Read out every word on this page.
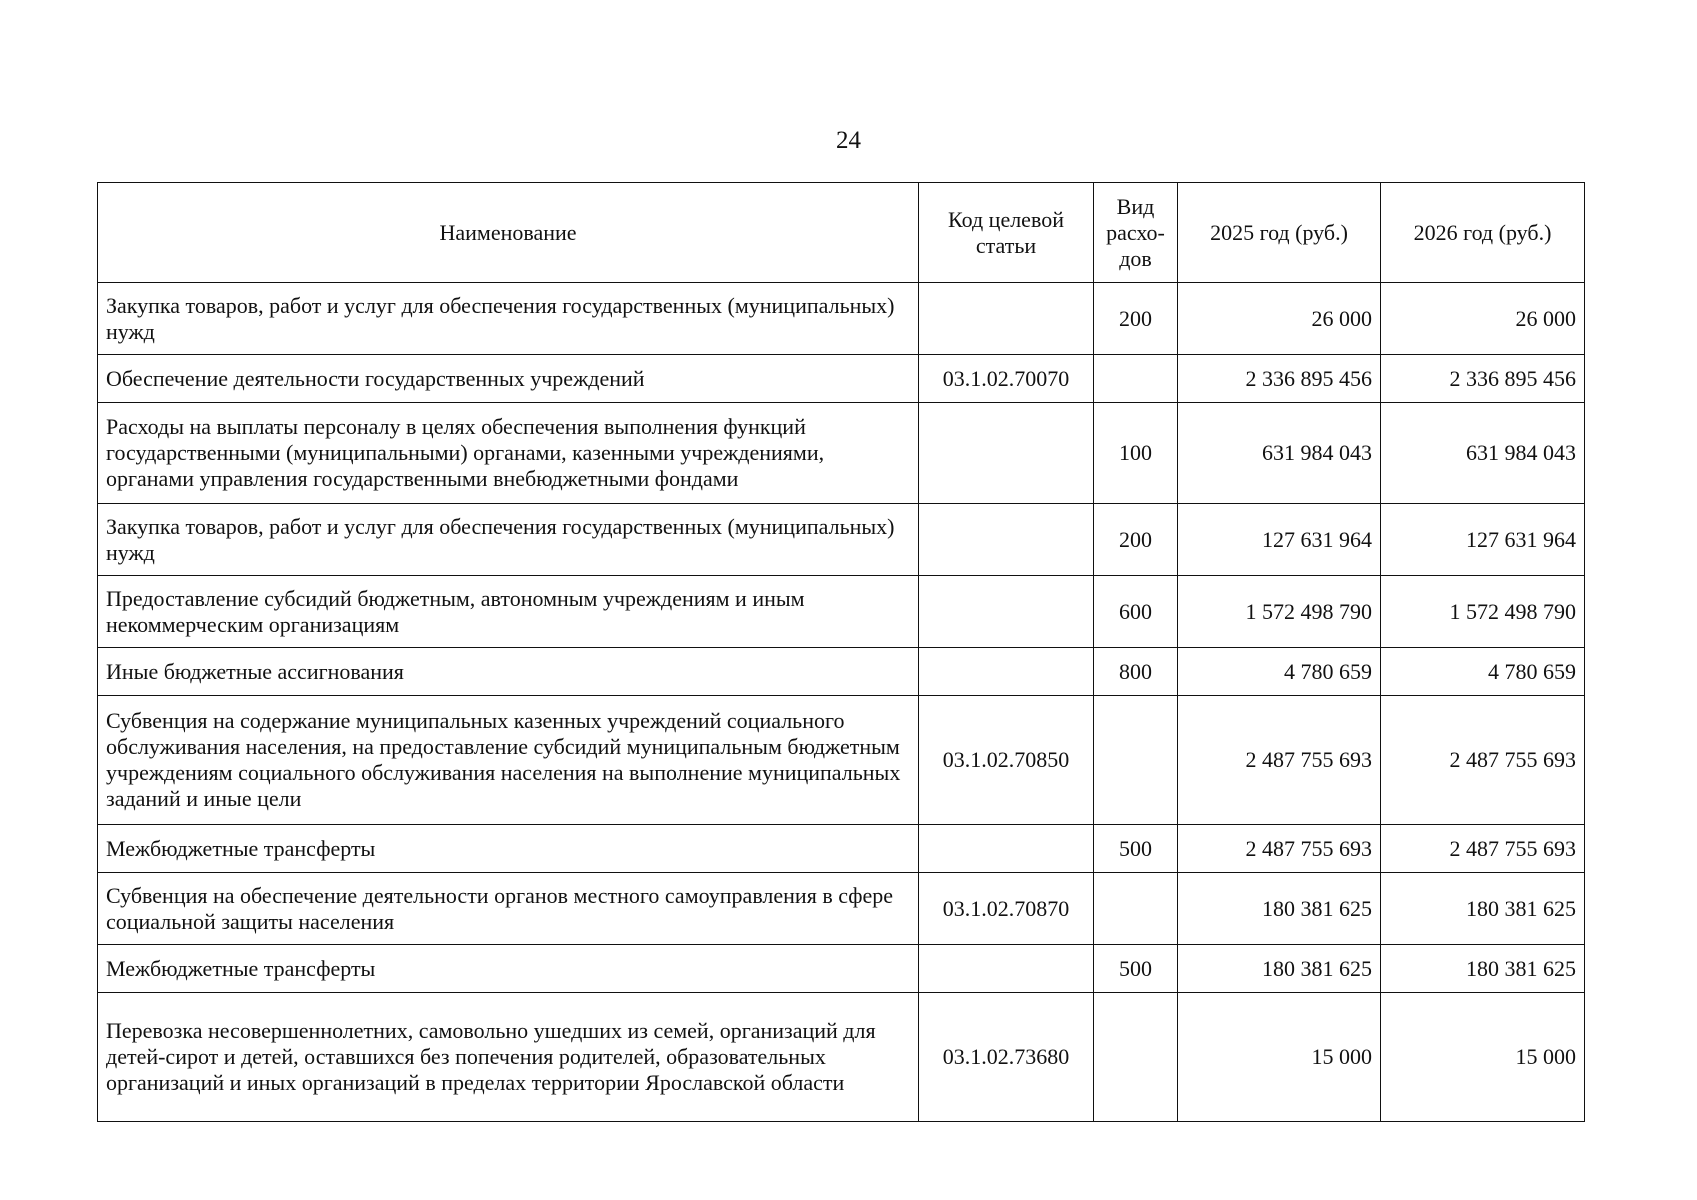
24
Наименование	Код целевой статьи	Вид расхо-дов	2025 год (руб.)	2026 год (руб.)
Закупка товаров, работ и услуг для обеспечения государственных (муниципальных) нужд		200	26 000	26 000
Обеспечение деятельности государственных учреждений	03.1.02.70070		2 336 895 456	2 336 895 456
Расходы на выплаты персоналу в целях обеспечения выполнения функций государственными (муниципальными) органами, казенными учреждениями, органами управления государственными внебюджетными фондами		100	631 984 043	631 984 043
Закупка товаров, работ и услуг для обеспечения государственных (муниципальных) нужд		200	127 631 964	127 631 964
Предоставление субсидий бюджетным, автономным учреждениям и иным некоммерческим организациям		600	1 572 498 790	1 572 498 790
Иные бюджетные ассигнования		800	4 780 659	4 780 659
Субвенция на содержание муниципальных казенных учреждений социального обслуживания населения, на предоставление субсидий муниципальным бюджетным учреждениям социального обслуживания населения на выполнение муниципальных заданий и иные цели	03.1.02.70850		2 487 755 693	2 487 755 693
Межбюджетные трансферты		500	2 487 755 693	2 487 755 693
Субвенция на обеспечение деятельности органов местного самоуправления в сфере социальной защиты населения	03.1.02.70870		180 381 625	180 381 625
Межбюджетные трансферты		500	180 381 625	180 381 625
Перевозка несовершеннолетних, самовольно ушедших из семей, организаций для детей-сирот и детей, оставшихся без попечения родителей, образовательных организаций и иных организаций в пределах территории Ярославской области	03.1.02.73680		15 000	15 000
